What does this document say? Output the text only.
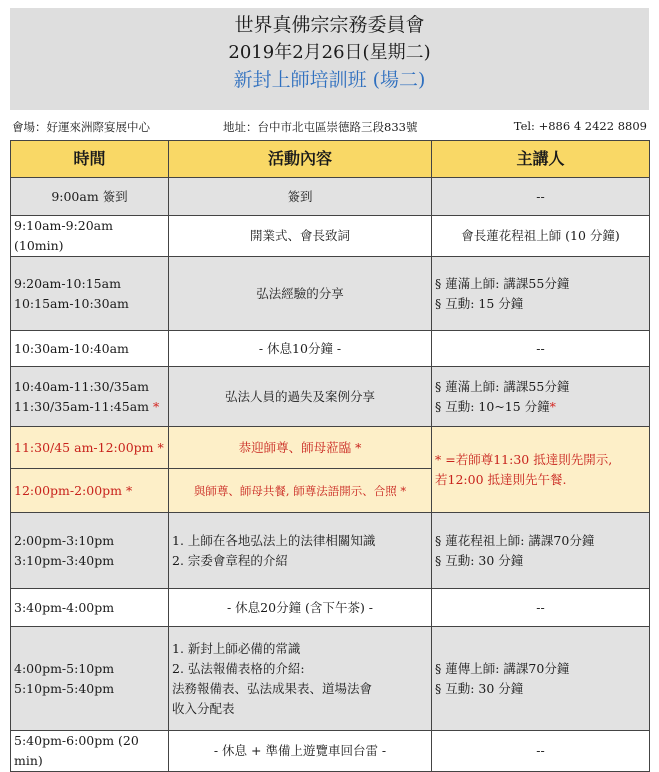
世界真佛宗宗務委員會
2019年2月26日(星期二)
新封上師培訓班 (場二)
會場：好運來洲際宴展中心	地址：台中市北屯區崇德路三段833號	Tel: +886 4 2422 8809
時間	活動內容	主講人
9:00am 簽到	簽到	--
9:10am-9:20am (10min)	開業式、會長致詞	會長蓮花程祖上師 (10 分鐘)
9:20am-10:15am
10:15am-10:30am	弘法經驗的分享	§ 蓮滿上師: 講課55分鐘
§ 互動: 15 分鐘
10:30am-10:40am	- 休息10分鐘 -	--
10:40am-11:30/35am
11:30/35am-11:45am *	弘法人員的過失及案例分享	§ 蓮滿上師: 講課55分鐘
§ 互動: 10~15 分鐘*
11:30/45 am-12:00pm *	恭迎師尊、師母蒞臨 *	* =若師尊11:30 抵達則先開示,
若12:00 抵達則先午餐.
12:00pm-2:00pm *	與師尊、師母共餐, 師尊法語開示、合照 *	
2:00pm-3:10pm
3:10pm-3:40pm	1. 上師在各地弘法上的法律相關知識
2. 宗委會章程的介紹	§ 蓮花程祖上師: 講課70分鐘
§ 互動: 30 分鐘
3:40pm-4:00pm	- 休息20分鐘 (含下午茶) -	--
4:00pm-5:10pm
5:10pm-5:40pm	1. 新封上師必備的常識
2. 弘法報備表格的介紹:
法務報備表、弘法成果表、道場法會
收入分配表	§ 蓮傳上師: 講課70分鐘
§ 互動: 30 分鐘
5:40pm-6:00pm (20 min)	- 休息 + 準備上遊覽車回台雷 -	--
